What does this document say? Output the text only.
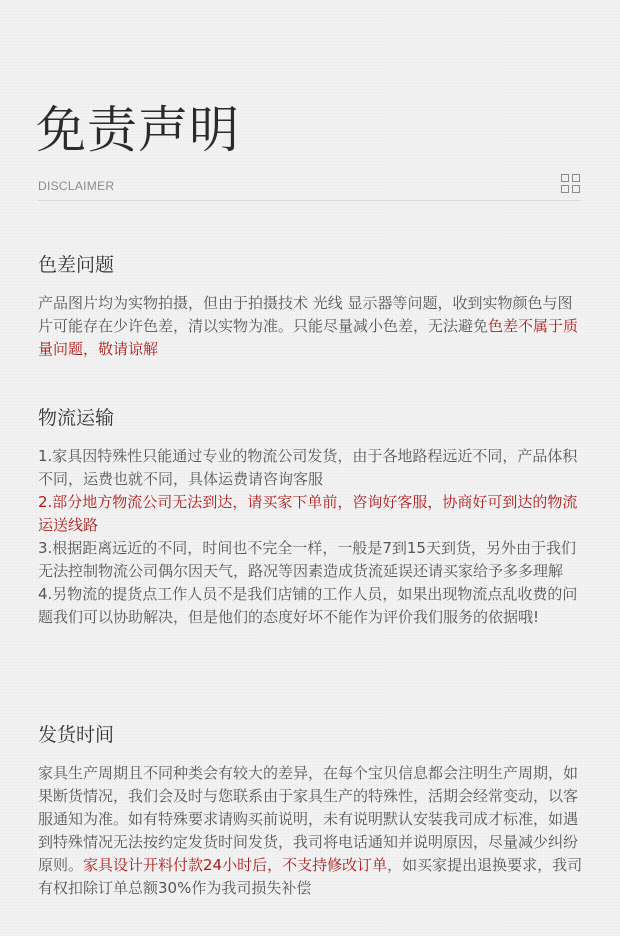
免责声明
DISCLAIMER
色差问题

产品图片均为实物拍摄，但由于拍摄技术 光线 显示器等问题，收到实物颜色与图片可能存在少许色差，清以实物为准。只能尽量减小色差，无法避免色差不属于质量问题，敬请谅解

物流运输

1.家具因特殊性只能通过专业的物流公司发货，由于各地路程远近不同，产品体积不同，运费也就不同，具体运费请咨询客服

2.部分地方物流公司无法到达，请买家下单前，咨询好客服，协商好可到达的物流运送线路

3.根据距离远近的不同，时间也不完全一样，一般是7到15天到货，另外由于我们无法控制物流公司偶尔因天气，路况等因素造成货流延误还请买家给予多多理解

4.另物流的提货点工作人员不是我们店铺的工作人员，如果出现物流点乱收费的问题我们可以协助解决，但是他们的态度好坏不能作为评价我们服务的依据哦!

发货时间

家具生产周期且不同种类会有较大的差异，在每个宝贝信息都会注明生产周期，如果断货情况，我们会及时与您联系由于家具生产的特殊性，活期会经常变动，以客服通知为准。如有特殊要求请购买前说明，未有说明默认安装我司成才标准，如遇到特殊情况无法按约定发货时间发货，我司将电话通知并说明原因，尽量减少纠纷原则。家具设计开料付款24小时后，不支持修改订单，如买家提出退换要求，我司有权扣除订单总额30%作为我司损失补偿
